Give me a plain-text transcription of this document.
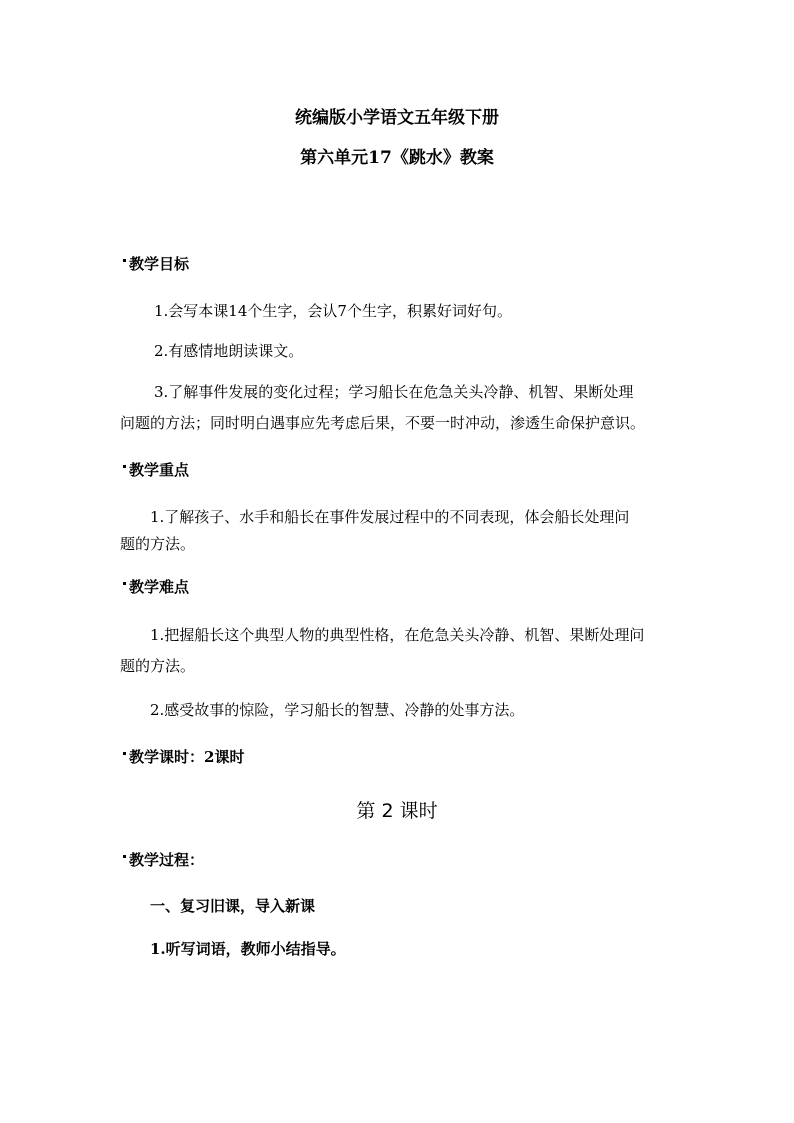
统编版小学语文五年级下册
第六单元17《跳水》教案
教学目标
1.会写本课14个生字，会认7个生字，积累好词好句。
2.有感情地朗读课文。
3.了解事件发展的变化过程；学习船长在危急关头冷静、机智、果断处理
问题的方法；同时明白遇事应先考虑后果，不要一时冲动，渗透生命保护意识。
教学重点
1.了解孩子、水手和船长在事件发展过程中的不同表现，体会船长处理问
题的方法。
教学难点
1.把握船长这个典型人物的典型性格，在危急关头冷静、机智、果断处理问
题的方法。
2.感受故事的惊险，学习船长的智慧、冷静的处事方法。
教学课时：2课时
第 2 课时
教学过程：
一、复习旧课，导入新课
1.听写词语，教师小结指导。
